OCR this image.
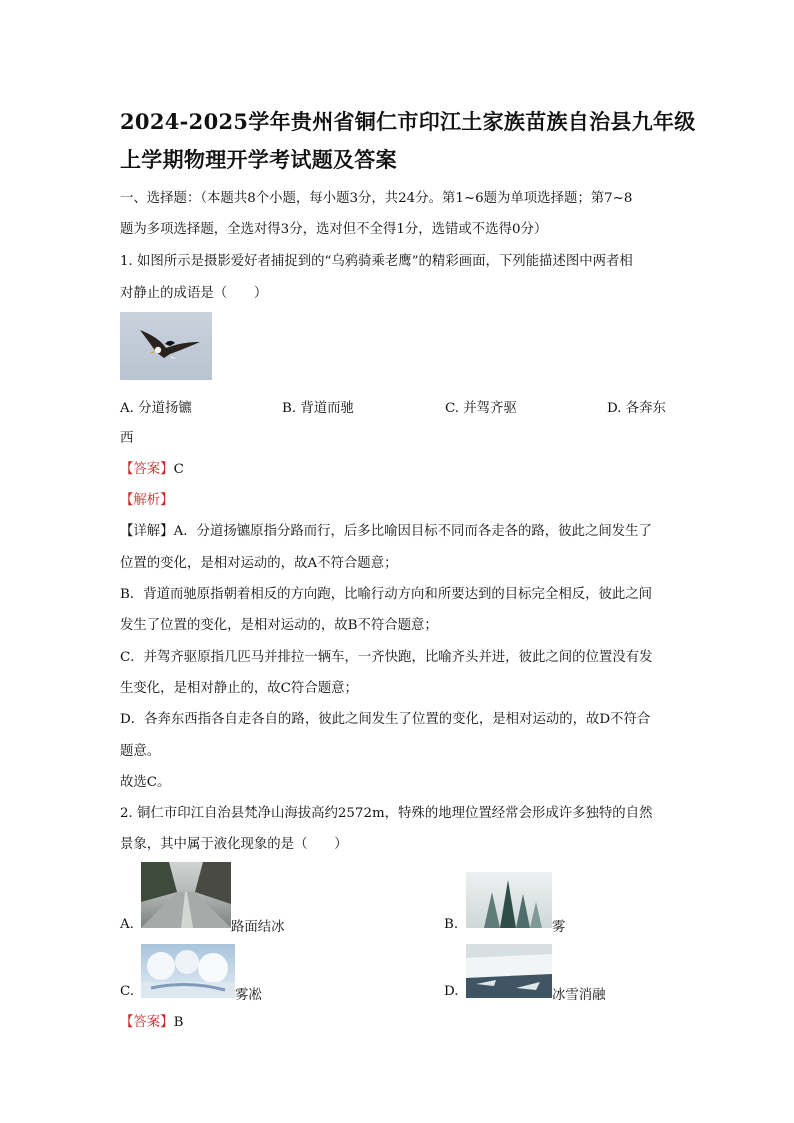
2024-2025学年贵州省铜仁市印江土家族苗族自治县九年级
上学期物理开学考试题及答案
一、选择题：（本题共8个小题，每小题3分，共24分。第1~6题为单项选择题；第7~8
题为多项选择题，全选对得3分，选对但不全得1分，选错或不选得0分）
1. 如图所示是摄影爱好者捕捉到的“乌鸦骑乘老鹰”的精彩画面，下列能描述图中两者相
对静止的成语是（　　）
A. 分道扬镳	B. 背道而驰	C. 并驾齐驱	D. 各奔东
西
【答案】C
【解析】
【详解】A．分道扬镳原指分路而行，后多比喻因目标不同而各走各的路，彼此之间发生了
位置的变化，是相对运动的，故A不符合题意；
B．背道而驰原指朝着相反的方向跑，比喻行动方向和所要达到的目标完全相反，彼此之间
发生了位置的变化，是相对运动的，故B不符合题意；
C．并驾齐驱原指几匹马并排拉一辆车，一齐快跑，比喻齐头并进，彼此之间的位置没有发
生变化，是相对静止的，故C符合题意；
D．各奔东西指各自走各自的路，彼此之间发生了位置的变化，是相对运动的，故D不符合
题意。
故选C。
2. 铜仁市印江自治县梵净山海拔高约2572m，特殊的地理位置经常会形成许多独特的自然
景象，其中属于液化现象的是（　　）
A.	路面结冰	B.	雾
C.	雾凇	D.	冰雪消融
【答案】B
